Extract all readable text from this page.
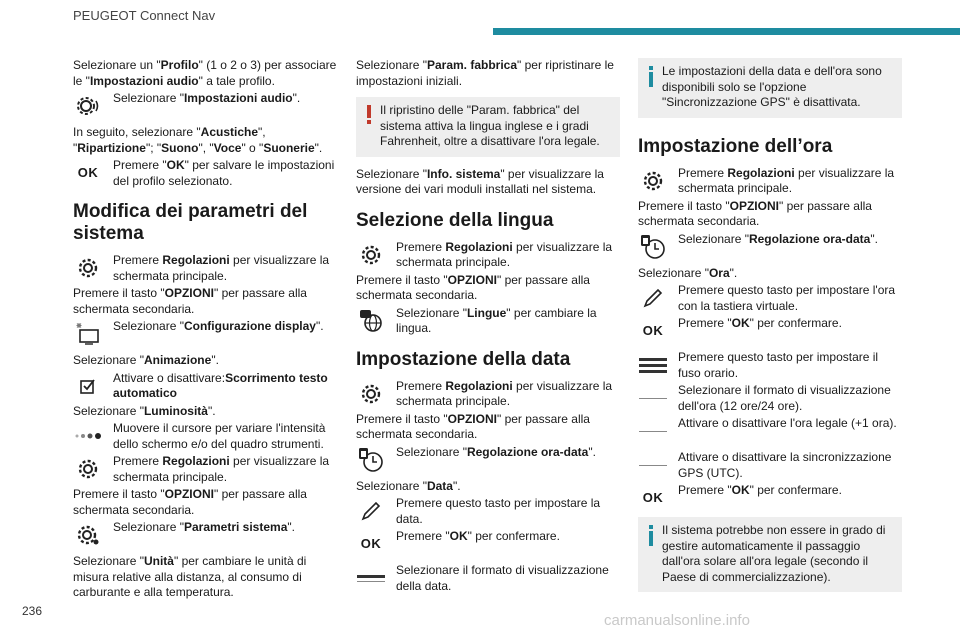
PEUGEOT Connect Nav

Selezionare un "Profilo" (1 o 2 o 3) per associare le "Impostazioni audio" a tale profilo.

Selezionare "Impostazioni audio".

In seguito, selezionare "Acustiche", "Ripartizione"; "Suono", "Voce" o "Suonerie".

OK
Premere "OK" per salvare le impostazioni del profilo selezionato.
Modifica dei parametri del sistema
Premere Regolazioni per visualizzare la schermata principale.

Premere il tasto "OPZIONI" per passare alla schermata secondaria.

Selezionare "Configurazione display".

Selezionare "Animazione".

Attivare o disattivare:Scorrimento testo automatico

Selezionare "Luminosità".

Muovere il cursore per variare l'intensità dello schermo e/o del quadro strumenti.
Premere Regolazioni per visualizzare la schermata principale.

Premere il tasto "OPZIONI" per passare alla schermata secondaria.

Selezionare "Parametri sistema".

Selezionare "Unità" per cambiare le unità di misura relative alla distanza, al consumo di carburante e alla temperatura.

Selezionare "Param. fabbrica" per ripristinare le impostazioni iniziali.

Il ripristino delle "Param. fabbrica" del sistema attiva la lingua inglese e i gradi Fahrenheit, oltre a disattivare l'ora legale.

Selezionare "Info. sistema" per visualizzare la versione dei vari moduli installati nel sistema.

Selezione della lingua
Premere Regolazioni per visualizzare la schermata principale.

Premere il tasto "OPZIONI" per passare alla schermata secondaria.

Selezionare "Lingue" per cambiare la lingua.
Impostazione della data
Premere Regolazioni per visualizzare la schermata principale.

Premere il tasto "OPZIONI" per passare alla schermata secondaria.

Selezionare "Regolazione ora-data".

Selezionare "Data".

Premere questo tasto per impostare la data.
OK
Premere "OK" per confermare.
Selezionare il formato di visualizzazione della data.
Le impostazioni della data e dell'ora sono disponibili solo se l'opzione "Sincronizzazione GPS" è disattivata.
Impostazione dell’ora
Premere Regolazioni per visualizzare la schermata principale.

Premere il tasto "OPZIONI" per passare alla schermata secondaria.

Selezionare "Regolazione ora-data".

Selezionare "Ora".

Premere questo tasto per impostare l'ora con la tastiera virtuale.
OK
Premere "OK" per confermare.
Premere questo tasto per impostare il fuso orario.
Selezionare il formato di visualizzazione dell'ora (12 ore/24 ore).
Attivare o disattivare l'ora legale (+1 ora).
Attivare o disattivare la sincronizzazione GPS (UTC).
OK
Premere "OK" per confermare.
Il sistema potrebbe non essere in grado di gestire automaticamente il passaggio dall'ora solare all'ora legale (secondo il Paese di commercializzazione).
236
carmanualsonline.info
